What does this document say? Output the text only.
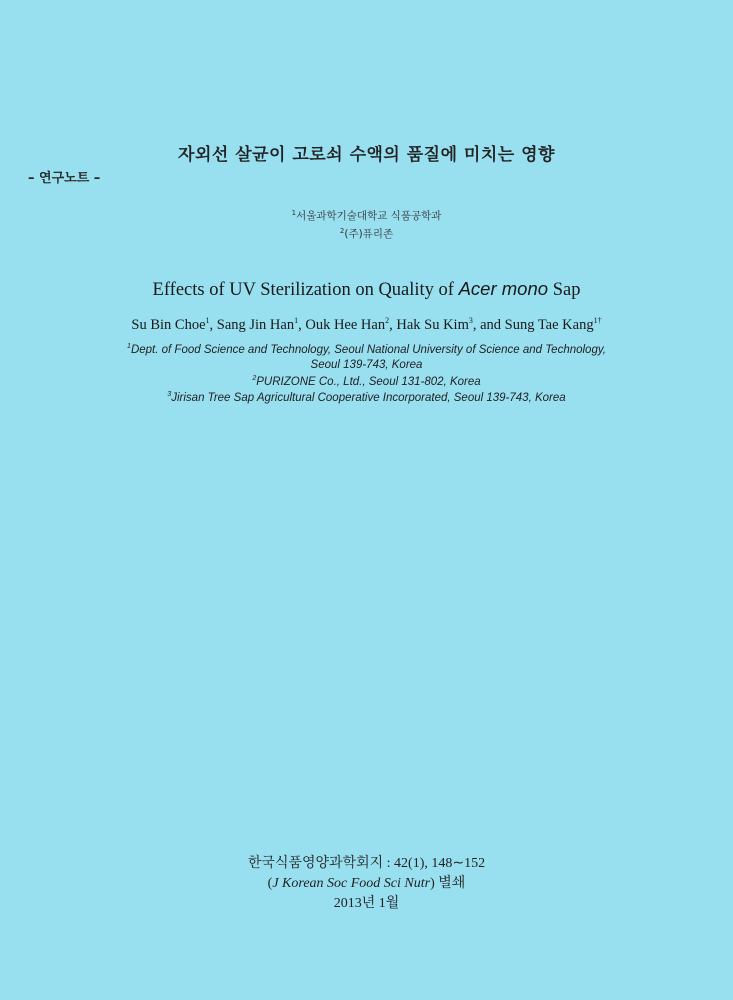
자외선 살균이 고로쇠 수액의 품질에 미치는 영향
– 연구노트 –
$^1$서울과학기술대학교 식품공학과
$^2$(주)퓨리존
Effects of UV Sterilization on Quality of Acer mono Sap
Su Bin Choe$^1$, Sang Jin Han$^1$, Ouk Hee Han$^2$, Hak Su Kim$^3$, and Sung Tae Kang$^{1\dagger}$
$^1$Dept. of Food Science and Technology, Seoul National University of Science and Technology,
Seoul 139-743, Korea
$^2$PURIZONE Co., Ltd., Seoul 131-802, Korea
$^3$Jirisan Tree Sap Agricultural Cooperative Incorporated, Seoul 139-743, Korea
한국식품영양과학회지 : 42(1), 148∼152
(J Korean Soc Food Sci Nutr) 별쇄
2013년 1월
